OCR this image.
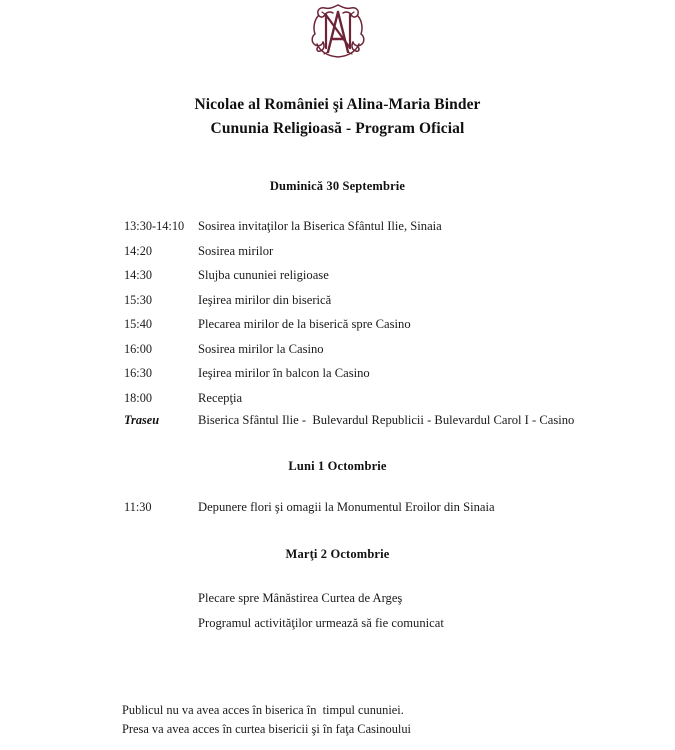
Nicolae al României şi Alina-Maria Binder
Cununia Religioasă - Program Oficial
Duminică 30 Septembrie
13:30-14:10	Sosirea invitaţilor la Biserica Sfântul Ilie, Sinaia
14:20	Sosirea mirilor
14:30	Slujba cununiei religioase
15:30	Ieşirea mirilor din biserică
15:40	Plecarea mirilor de la biserică spre Casino
16:00	Sosirea mirilor la Casino
16:30	Ieşirea mirilor în balcon la Casino
18:00	Recepţia
Traseu	Biserica Sfântul Ilie -  Bulevardul Republicii - Bulevardul Carol I - Casino
Luni 1 Octombrie
11:30	Depunere flori şi omagii la Monumentul Eroilor din Sinaia
Marţi 2 Octombrie
Plecare spre Mânăstirea Curtea de Argeş
Programul activităţilor urmează să fie comunicat
Publicul nu va avea acces în biserica în  timpul cununiei.
Presa va avea acces în curtea bisericii şi în faţa Casinoului
